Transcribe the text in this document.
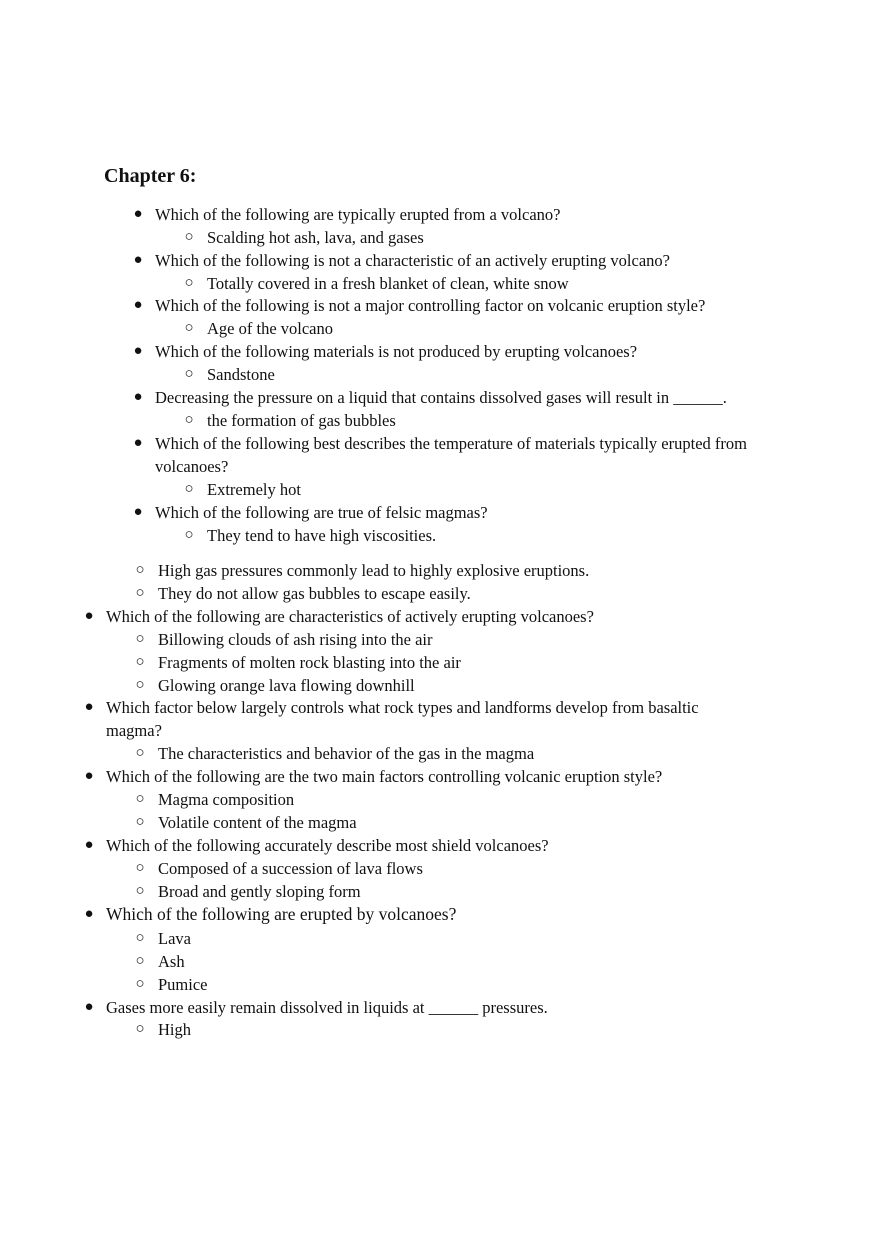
Chapter 6:
● Which of the following are typically erupted from a volcano?
○ Scalding hot ash, lava, and gases
● Which of the following is not a characteristic of an actively erupting volcano?
○ Totally covered in a fresh blanket of clean, white snow
● Which of the following is not a major controlling factor on volcanic eruption style?
○ Age of the volcano
● Which of the following materials is not produced by erupting volcanoes?
○ Sandstone
● Decreasing the pressure on a liquid that contains dissolved gases will result in ______.
○ the formation of gas bubbles
● Which of the following best describes the temperature of materials typically erupted from volcanoes?
○ Extremely hot
● Which of the following are true of felsic magmas?
○ They tend to have high viscosities.
○ High gas pressures commonly lead to highly explosive eruptions.
○ They do not allow gas bubbles to escape easily.
● Which of the following are characteristics of actively erupting volcanoes?
○ Billowing clouds of ash rising into the air
○ Fragments of molten rock blasting into the air
○ Glowing orange lava flowing downhill
● Which factor below largely controls what rock types and landforms develop from basaltic magma?
○ The characteristics and behavior of the gas in the magma
● Which of the following are the two main factors controlling volcanic eruption style?
○ Magma composition
○ Volatile content of the magma
● Which of the following accurately describe most shield volcanoes?
○ Composed of a succession of lava flows
○ Broad and gently sloping form
● Which of the following are erupted by volcanoes?
○ Lava
○ Ash
○ Pumice
● Gases more easily remain dissolved in liquids at ______ pressures.
○ High
